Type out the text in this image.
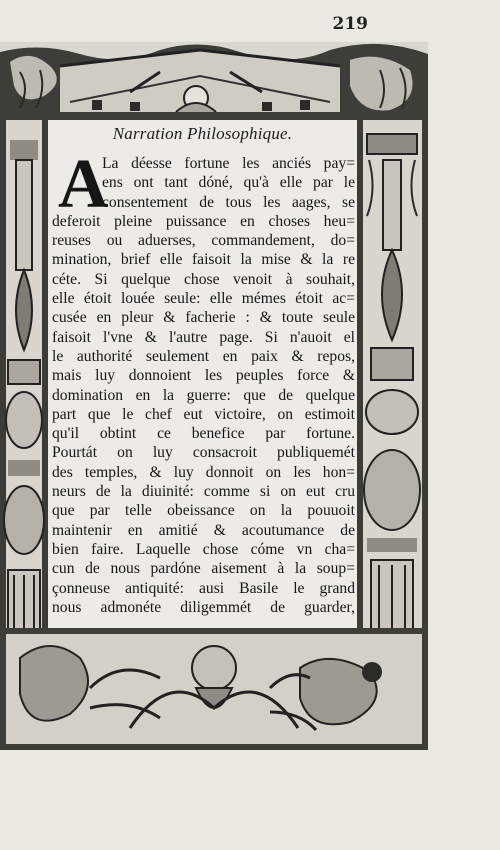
219
Narration Philosophique.
A
La déesse fortune les anciés pay=
ens ont tant dóné, qu'à elle par le
consentement de tous les aages, se
deferoit pleine puissance en choses heu=
reuses ou aduerses, commandement, do=
mination, brief elle faisoit la mise & la re
céte. Si quelque chose venoit à souhait,
elle étoit louée seule: elle mémes étoit ac=
cusée en pleur & facherie : & toute seule
faisoit l'vne & l'autre page. Si n'auoit el
le authorité seulement en paix & repos,
mais luy donnoient les peuples force &
domination en la guerre: que de quelque
part que le chef eut victoire, on estimoit
qu'il obtint ce benefice par fortune.
Pourtát on luy consacroit publiquemét
des temples, & luy donnoit on les hon=
neurs de la diuinité: comme si on eut cru
que par telle obeissance on la pouuoit
maintenir en amitié & acoutumance de
bien faire. Laquelle chose cóme vn cha=
cun de nous pardóne aisement à la soup=
çonneuse antiquité: ausi Basile le grand
nous admonéte diligemmét de guarder,
